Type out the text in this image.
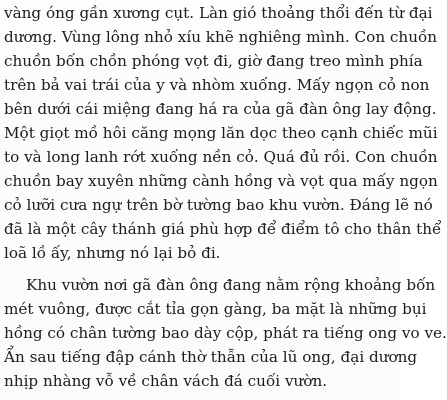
vàng óng gần xương cụt. Làn gió thoảng thổi đến từ đại
dương. Vùng lông nhỏ xíu khẽ nghiêng mình. Con chuồn
chuồn bốn chồn phóng vọt đi, giờ đang treo mình phía
trên bả vai trái của y và nhòm xuống. Mấy ngọn cỏ non
bên dưới cái miệng đang há ra của gã đàn ông lay động.
Một giọt mồ hôi căng mọng lăn dọc theo cạnh chiếc mũi
to và long lanh rớt xuống nền cỏ. Quá đủ rồi. Con chuồn
chuồn bay xuyên những cành hồng và vọt qua mấy ngọn
cỏ lưỡi cưa ngự trên bờ tường bao khu vườn. Đáng lẽ nó
đã là một cây thánh giá phù hợp để điểm tô cho thân thể
loã lồ ấy, nhưng nó lại bỏ đi.
Khu vườn nơi gã đàn ông đang nằm rộng khoảng bốn
mét vuông, được cắt tỉa gọn gàng, ba mặt là những bụi
hồng có chân tường bao dày cộp, phát ra tiếng ong vo ve.
Ẩn sau tiếng đập cánh thờ thẫn của lũ ong, đại dương
nhịp nhàng vỗ về chân vách đá cuối vườn.
